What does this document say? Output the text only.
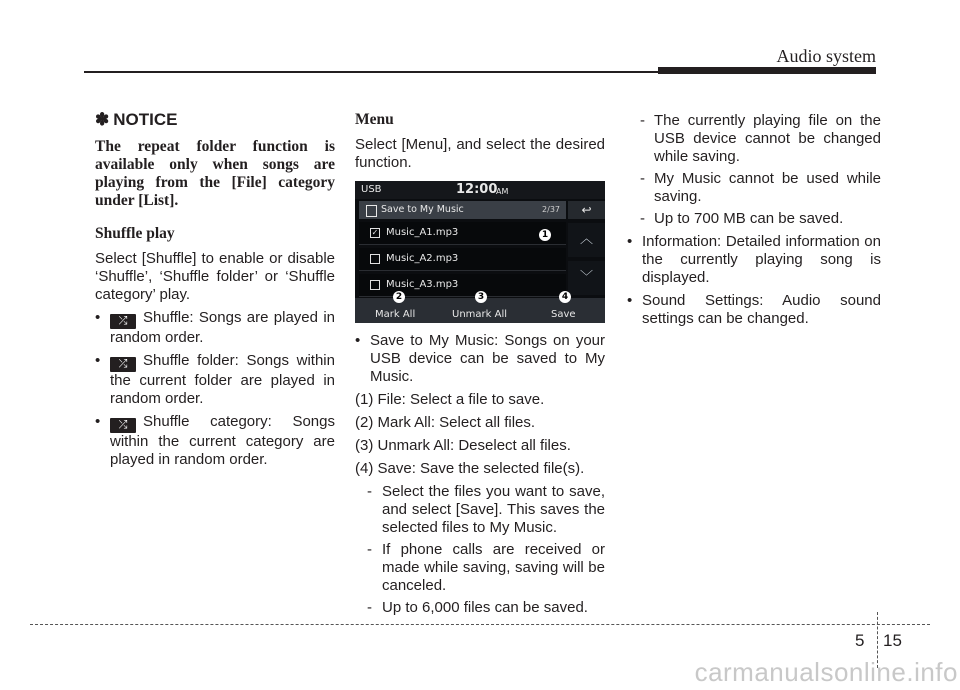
Audio system
✽ NOTICE

The repeat folder function is available only when songs are playing from the [File] category under [List].

Shuffle play

Select [Shuffle] to enable or disable ‘Shuffle’, ‘Shuffle folder’ or ‘Shuffle category’ play.

• ⤮ Shuffle: Songs are played in random order.
• ⤮ Shuffle folder: Songs within the current folder are played in random order.
• ⤮ Shuffle category: Songs within the current category are played in random order.
Menu

Select [Menu], and select the desired function.

USB	12:00
AM
Save to My Music	2/37	↩
✓ Music_A1.mp3
Music_A2.mp3
Music_A3.mp3
︿
﹀
Mark All	Unmark All	Save
1
2	3	4
• Save to My Music: Songs on your USB device can be saved to My Music.

(1) File: Select a file to save.

(2) Mark All: Select all files.

(3) Unmark All: Deselect all files.

(4) Save: Save the selected file(s).

- Select the files you want to save, and select [Save]. This saves the selected files to My Music.
- If phone calls are received or made while saving, saving will be canceled.
- Up to 6,000 files can be saved.
- The currently playing file on the USB device cannot be changed while saving.
- My Music cannot be used while saving.
- Up to 700 MB can be saved.
• Information: Detailed information on the currently playing song is displayed.
• Sound Settings: Audio sound settings can be changed.
5 15
carmanualsonline.info
